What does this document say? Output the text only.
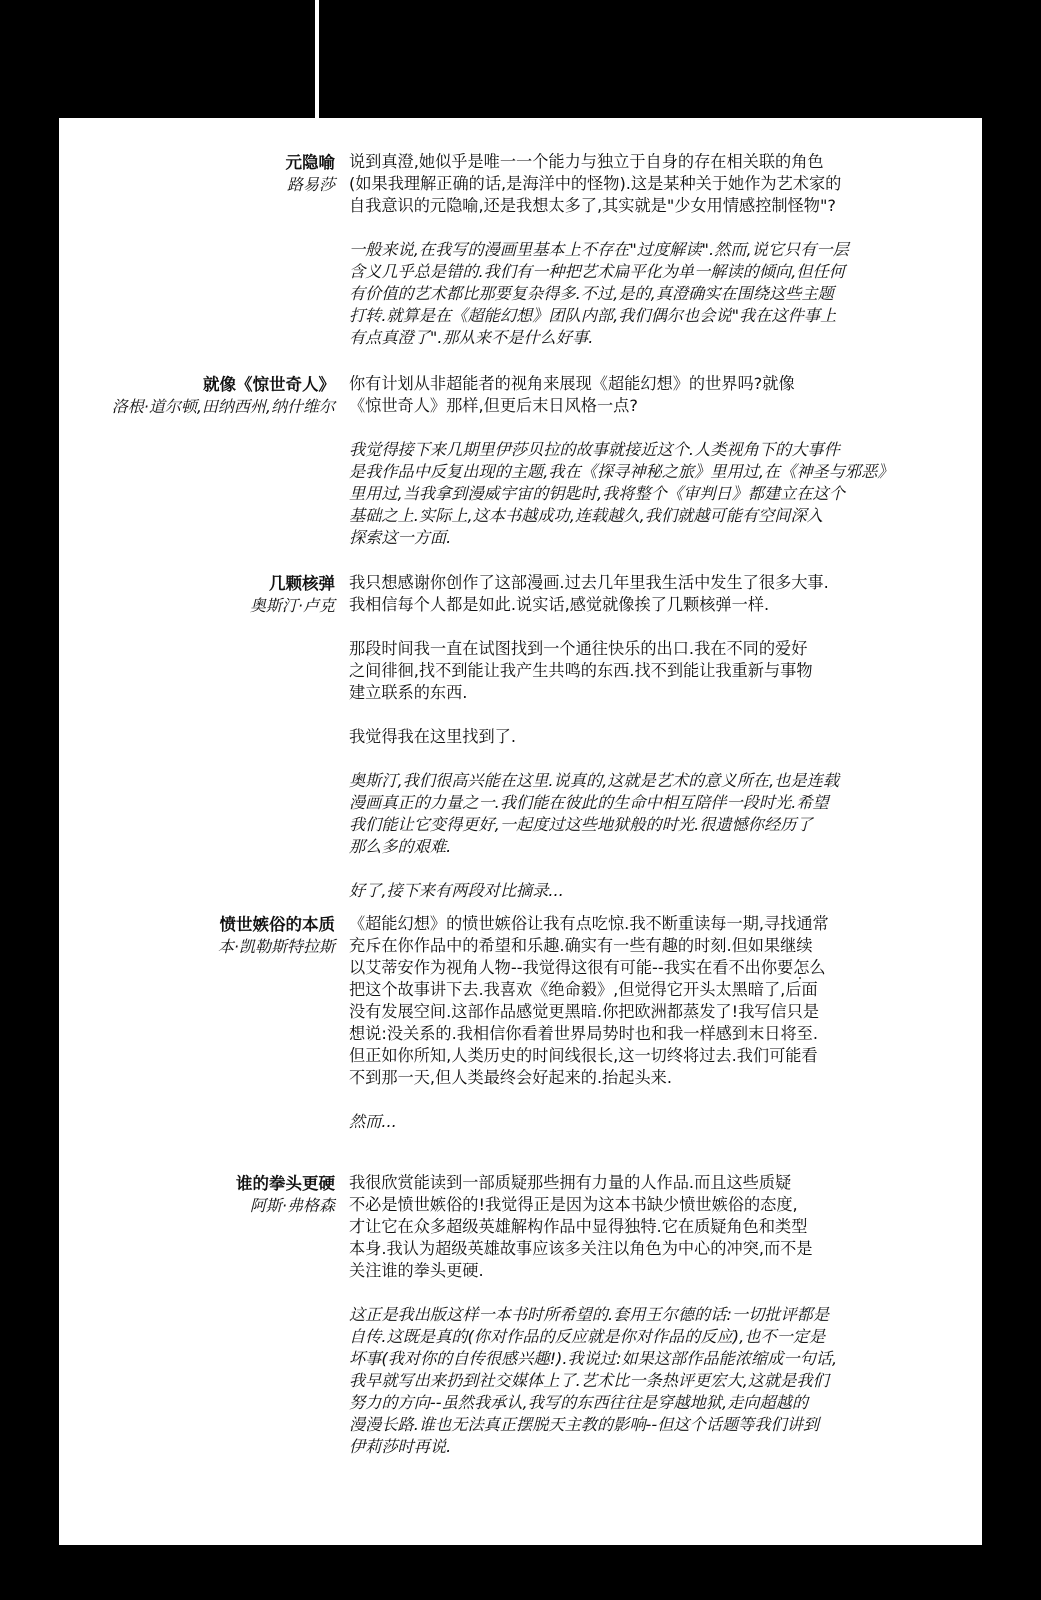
元隐喻
路易莎

说到真澄,她似乎是唯一一个能力与独立于自身的存在相关联的角色
(如果我理解正确的话,是海洋中的怪物).这是某种关于她作为艺术家的
自我意识的元隐喻,还是我想太多了,其实就是"少女用情感控制怪物"?

一般来说,在我写的漫画里基本上不存在"过度解读".然而,说它只有一层
含义几乎总是错的.我们有一种把艺术扁平化为单一解读的倾向,但任何
有价值的艺术都比那要复杂得多.不过,是的,真澄确实在围绕这些主题
打转.就算是在《超能幻想》团队内部,我们偶尔也会说"我在这件事上
有点真澄了".那从来不是什么好事.

就像《惊世奇人》
洛根·道尔顿,田纳西州,纳什维尔

你有计划从非超能者的视角来展现《超能幻想》的世界吗?就像
《惊世奇人》那样,但更后末日风格一点?

我觉得接下来几期里伊莎贝拉的故事就接近这个.人类视角下的大事件
是我作品中反复出现的主题,我在《探寻神秘之旅》里用过,在《神圣与邪恶》
里用过,当我拿到漫威宇宙的钥匙时,我将整个《审判日》都建立在这个
基础之上.实际上,这本书越成功,连载越久,我们就越可能有空间深入
探索这一方面.

几颗核弹
奥斯汀·卢克

我只想感谢你创作了这部漫画.过去几年里我生活中发生了很多大事.
我相信每个人都是如此.说实话,感觉就像挨了几颗核弹一样.

那段时间我一直在试图找到一个通往快乐的出口.我在不同的爱好
之间徘徊,找不到能让我产生共鸣的东西.找不到能让我重新与事物
建立联系的东西.

我觉得我在这里找到了.

奥斯汀,我们很高兴能在这里.说真的,这就是艺术的意义所在,也是连载
漫画真正的力量之一.我们能在彼此的生命中相互陪伴一段时光.希望
我们能让它变得更好,一起度过这些地狱般的时光.很遗憾你经历了
那么多的艰难.

好了,接下来有两段对比摘录...

愤世嫉俗的本质
本·凯勒斯特拉斯

《超能幻想》的愤世嫉俗让我有点吃惊.我不断重读每一期,寻找通常
充斥在你作品中的希望和乐趣.确实有一些有趣的时刻.但如果继续
以艾蒂安作为视角人物--我觉得这很有可能--我实在看不出你要怎么
把这个故事讲下去.我喜欢《绝命毅》,但觉得它开头太黑暗了,后面
没有发展空间.这部作品感觉更黑暗.你把欧洲都蒸发了!我写信只是
想说:没关系的.我相信你看着世界局势时也和我一样感到末日将至.
但正如你所知,人类历史的时间线很长,这一切终将过去.我们可能看
不到那一天,但人类最终会好起来的.抬起头来.

然而...

谁的拳头更硬
阿斯·弗格森

我很欣赏能读到一部质疑那些拥有力量的人作品.而且这些质疑
不必是愤世嫉俗的!我觉得正是因为这本书缺少愤世嫉俗的态度,
才让它在众多超级英雄解构作品中显得独特.它在质疑角色和类型
本身.我认为超级英雄故事应该多关注以角色为中心的冲突,而不是
关注谁的拳头更硬.

这正是我出版这样一本书时所希望的.套用王尔德的话:一切批评都是
自传.这既是真的(你对作品的反应就是你对作品的反应),也不一定是
坏事(我对你的自传很感兴趣!).我说过:如果这部作品能浓缩成一句话,
我早就写出来扔到社交媒体上了.艺术比一条热评更宏大,这就是我们
努力的方向--虽然我承认,我写的东西往往是穿越地狱,走向超越的
漫漫长路.谁也无法真正摆脱天主教的影响--但这个话题等我们讲到
伊莉莎时再说.
